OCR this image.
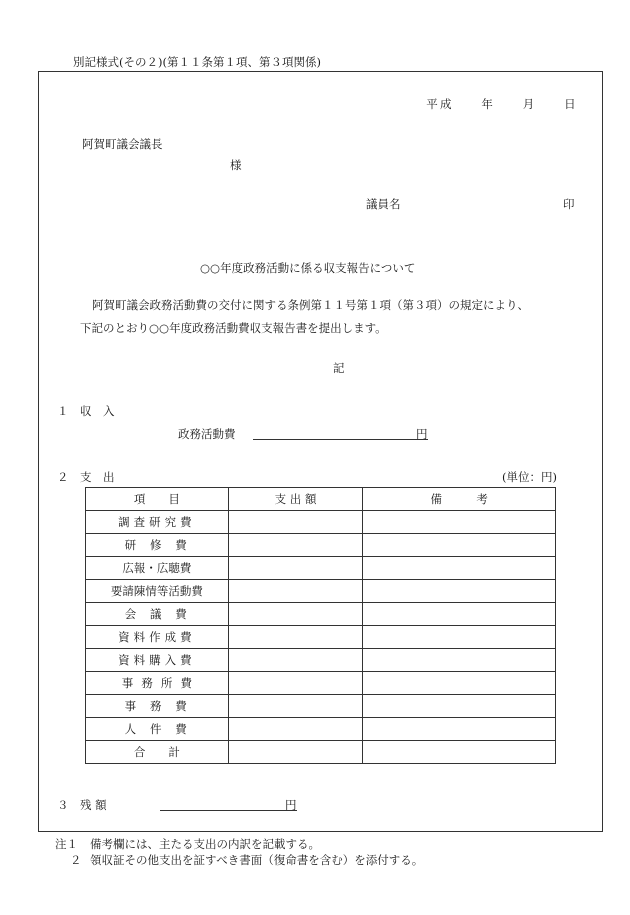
別記様式(その２)(第１１条第１項、第３項関係)
平成　　年　　月　　日
阿賀町議会議長
様
議員名	印
○○年度政務活動に係る収支報告について
阿賀町議会政務活動費の交付に関する条例第１１号第１項（第３項）の規定により、
下記のとおり○○年度政務活動費収支報告書を提出します。
記
１ 収　入
政務活動費	円
２ 支　出	(単位：円)
項　　目	支 出 額	備　　　考
調査研究費		
研修費		
広報・広聴費		
要請陳情等活動費		
会議費		
資料作成費		
資料購入費		
事務所費		
事務費		
人件費		
合計		
３ 残 額	円
注１ 備考欄には、主たる支出の内訳を記載する。
２ 領収証その他支出を証すべき書面（復命書を含む）を添付する。
